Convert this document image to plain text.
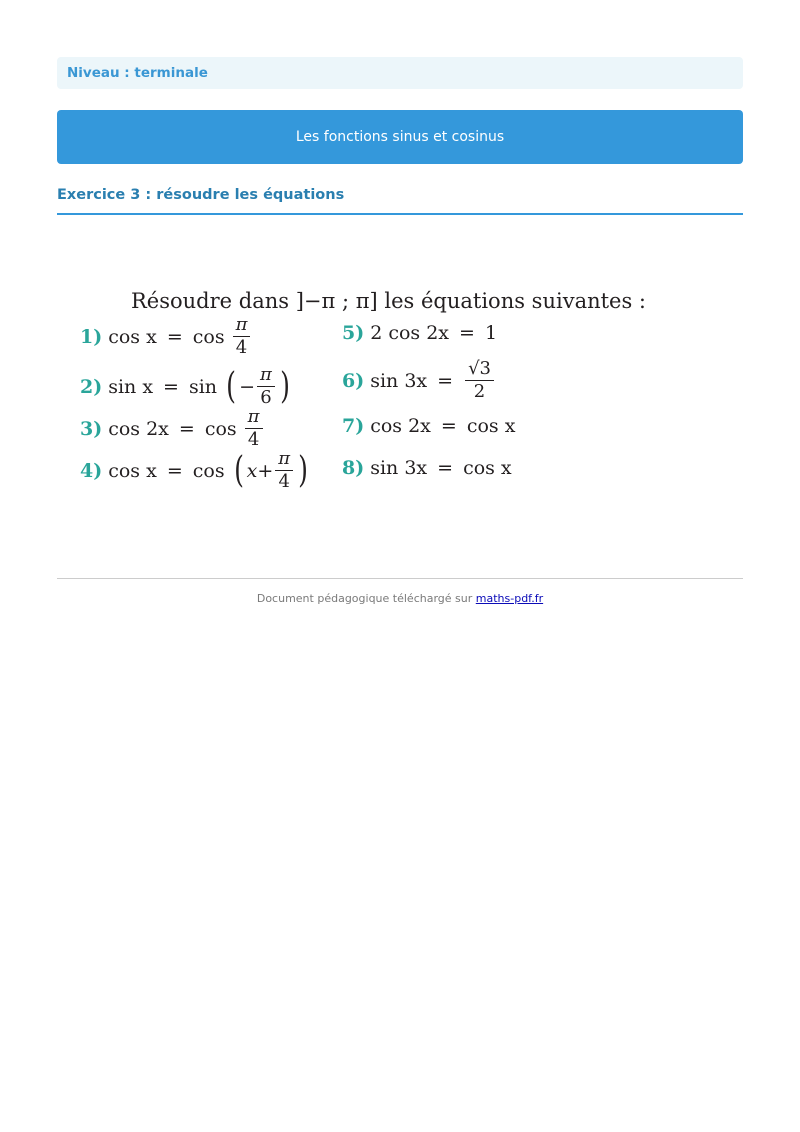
Niveau : terminale
Les fonctions sinus et cosinus
Exercice 3 : résoudre les équations
Résoudre dans ]−π ; π] les équations suivantes :
1) $\cos x = \cos \frac{\pi}{4}$
2) sin x = sin ( − $\frac{\pi}{6}$ )
3) $\cos 2x = \cos \frac{\pi}{4}$
4) cos x = cos ( $x+ \frac{\pi}{4}$ )
5) 2 cos 2x = 1
6) $\sin 3x = \frac{√3}{2}$
7) cos 2x = cos x
8) sin 3x = cos x
Document pédagogique téléchargé sur maths-pdf.fr
